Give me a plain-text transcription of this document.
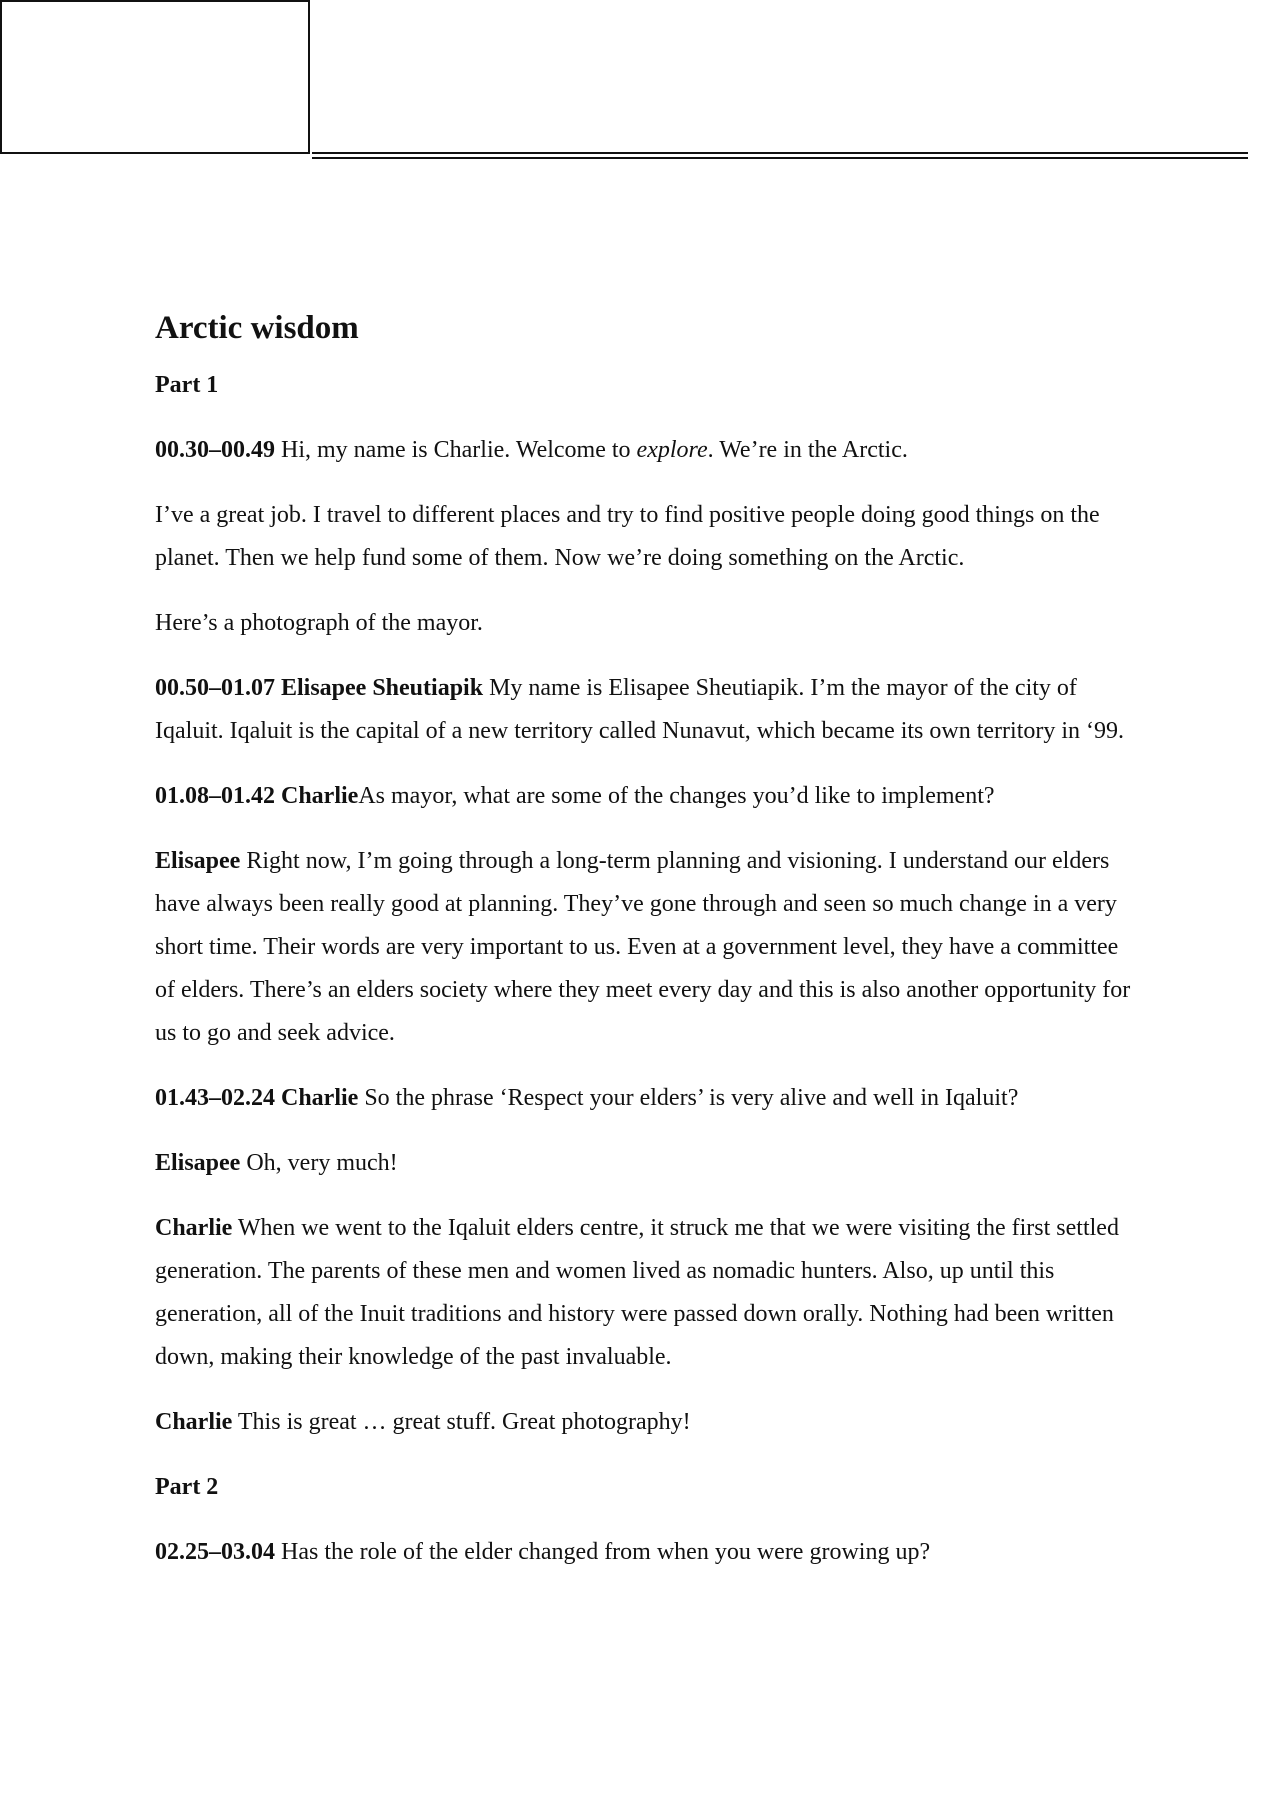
Arctic wisdom
Part 1

00.30–00.49 Hi, my name is Charlie. Welcome to explore. We’re in the Arctic.

I’ve a great job. I travel to different places and try to find positive people doing good things on the planet. Then we help fund some of them. Now we’re doing something on the Arctic.

Here’s a photograph of the mayor.

00.50–01.07 Elisapee Sheutiapik My name is Elisapee Sheutiapik. I’m the mayor of the city of Iqaluit. Iqaluit is the capital of a new territory called Nunavut, which became its own territory in ‘99.

01.08–01.42 CharlieAs mayor, what are some of the changes you’d like to implement?

Elisapee Right now, I’m going through a long-term planning and visioning. I understand our elders have always been really good at planning. They’ve gone through and seen so much change in a very short time. Their words are very important to us. Even at a government level, they have a committee of elders. There’s an elders society where they meet every day and this is also another opportunity for us to go and seek advice.

01.43–02.24 Charlie So the phrase ‘Respect your elders’ is very alive and well in Iqaluit?

Elisapee Oh, very much!

Charlie When we went to the Iqaluit elders centre, it struck me that we were visiting the first settled generation. The parents of these men and women lived as nomadic hunters. Also, up until this generation, all of the Inuit traditions and history were passed down orally. Nothing had been written down, making their knowledge of the past invaluable.

Charlie This is great … great stuff. Great photography!

Part 2

02.25–03.04 Has the role of the elder changed from when you were growing up?
